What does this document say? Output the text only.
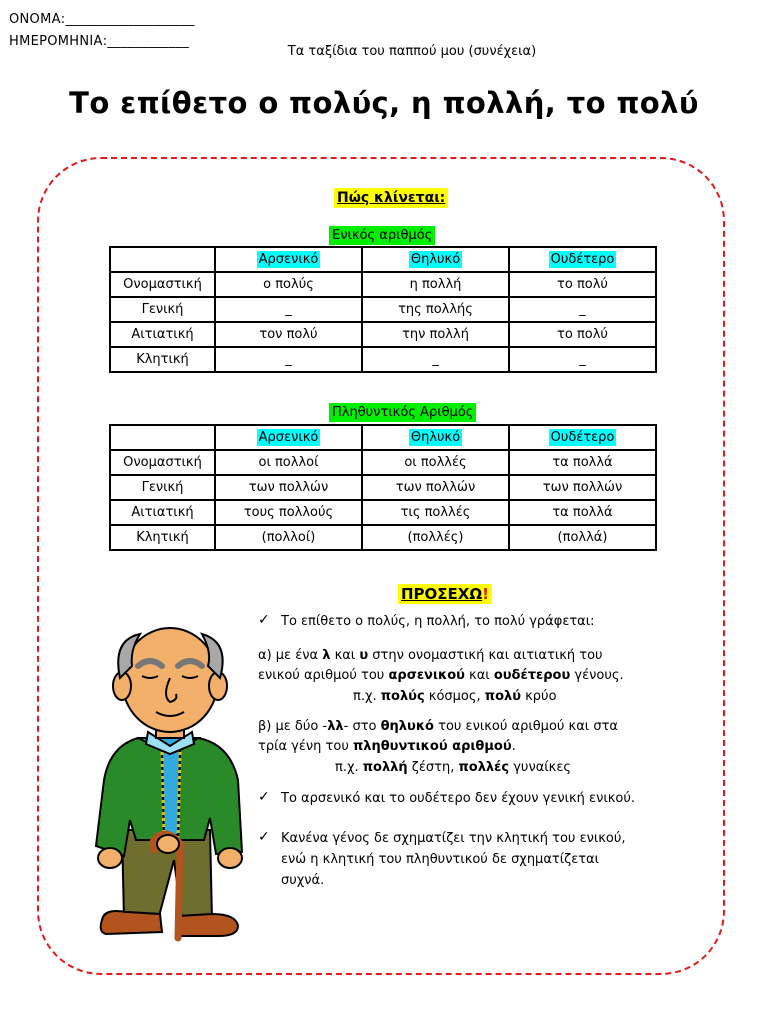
ΟΝΟΜΑ:___________________
ΗΜΕΡΟΜΗΝΙΑ:____________
Τα ταξίδια του παππού μου (συνέχεια)
Το επίθετο ο πολύς, η πολλή, το πολύ
Πώς κλίνεται:
Ενικός αριθμός
	Αρσενικό	Θηλυκό	Ουδέτερο
Ονομαστική	ο πολύς	η πολλή	το πολύ
Γενική	_	της πολλής	_
Αιτιατική	τον πολύ	την πολλή	το πολύ
Κλητική	_	_	_
Πληθυντικός Αριθμός
	Αρσενικό	Θηλυκό	Ουδέτερο
Ονομαστική	οι πολλοί	οι πολλές	τα πολλά
Γενική	των πολλών	των πολλών	των πολλών
Αιτιατική	τους πολλούς	τις πολλές	τα πολλά
Κλητική	(πολλοί)	(πολλές)	(πολλά)
ΠΡΟΣΕΧΩ!
✓ Το επίθετο ο πολύς, η πολλή, το πολύ γράφεται:
α) με ένα λ και υ στην ονομαστική και αιτιατική του
ενικού αριθμού του αρσενικού και ουδέτερου γένους.
π.χ. πολύς κόσμος, πολύ κρύο
β) με δύο -λλ- στο θηλυκό του ενικού αριθμού και στα
τρία γένη του πληθυντικού αριθμού.
π.χ. πολλή ζέστη, πολλές γυναίκες
✓ Το αρσενικό και το ουδέτερο δεν έχουν γενική ενικού.
✓ Κανένα γένος δε σχηματίζει την κλητική του ενικού,
ενώ η κλητική του πληθυντικού δε σχηματίζεται
συχνά.
